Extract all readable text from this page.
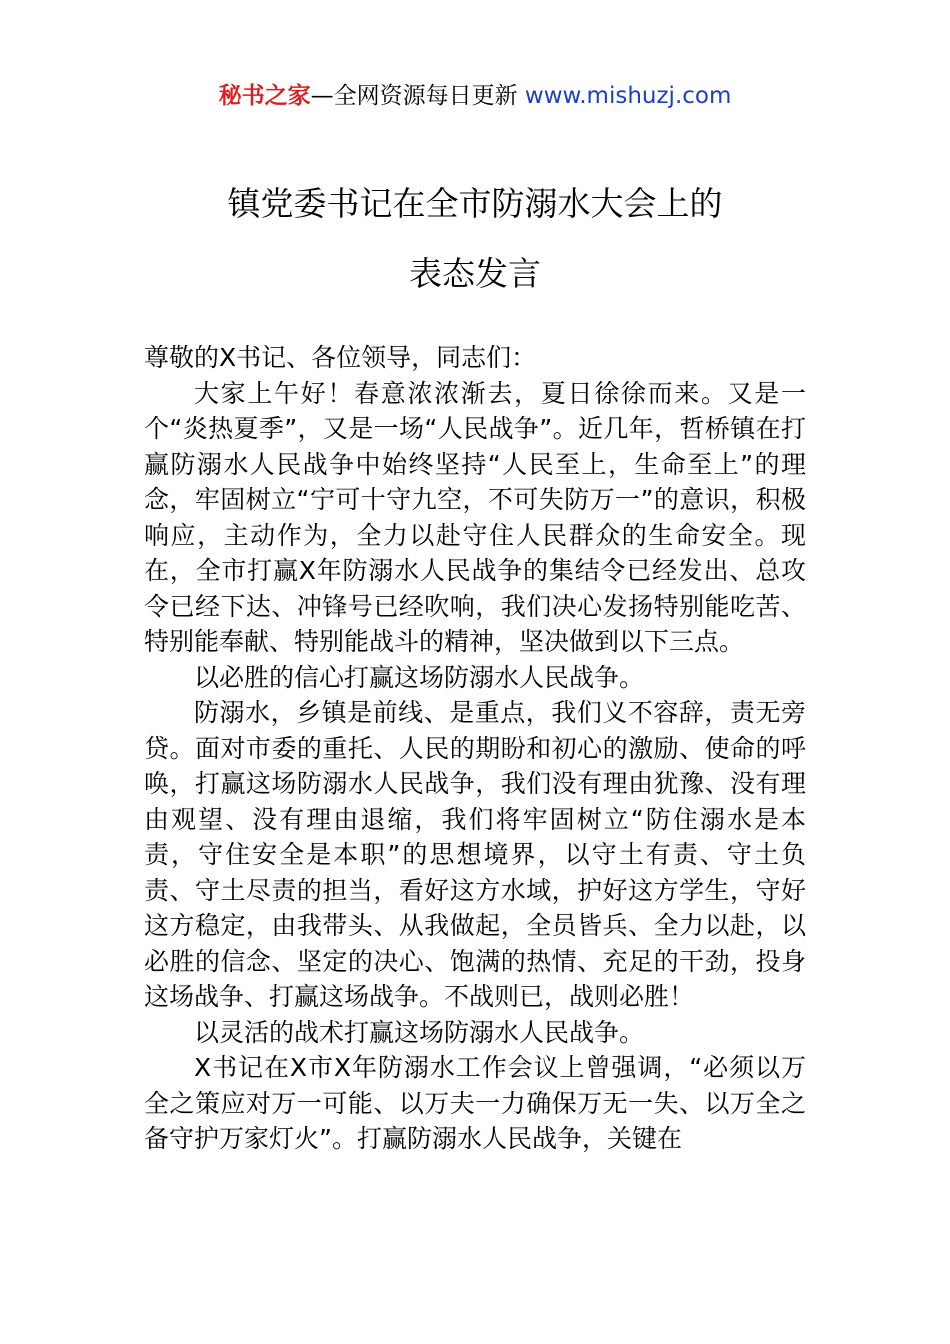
秘书之家—全网资源每日更新 www.mishuzj.com
镇党委书记在全市防溺水大会上的
表态发言

尊敬的X书记、各位领导，同志们：

大家上午好！春意浓浓渐去，夏日徐徐而来。又是一个“炎热夏季”，又是一场“人民战争”。近几年，哲桥镇在打赢防溺水人民战争中始终坚持“人民至上，生命至上”的理念，牢固树立“宁可十守九空，不可失防万一”的意识，积极响应，主动作为，全力以赴守住人民群众的生命安全。现在，全市打赢X年防溺水人民战争的集结令已经发出、总攻令已经下达、冲锋号已经吹响，我们决心发扬特别能吃苦、特别能奉献、特别能战斗的精神，坚决做到以下三点。

以必胜的信心打赢这场防溺水人民战争。

防溺水，乡镇是前线、是重点，我们义不容辞，责无旁贷。面对市委的重托、人民的期盼和初心的激励、使命的呼唤，打赢这场防溺水人民战争，我们没有理由犹豫、没有理由观望、没有理由退缩，我们将牢固树立“防住溺水是本责，守住安全是本职”的思想境界，以守土有责、守土负责、守土尽责的担当，看好这方水域，护好这方学生，守好这方稳定，由我带头、从我做起，全员皆兵、全力以赴，以必胜的信念、坚定的决心、饱满的热情、充足的干劲，投身这场战争、打赢这场战争。不战则已，战则必胜！

以灵活的战术打赢这场防溺水人民战争。

X书记在X市X年防溺水工作会议上曾强调，“必须以万全之策应对万一可能、以万夫一力确保万无一失、以万全之备守护万家灯火”。打赢防溺水人民战争，关键在
